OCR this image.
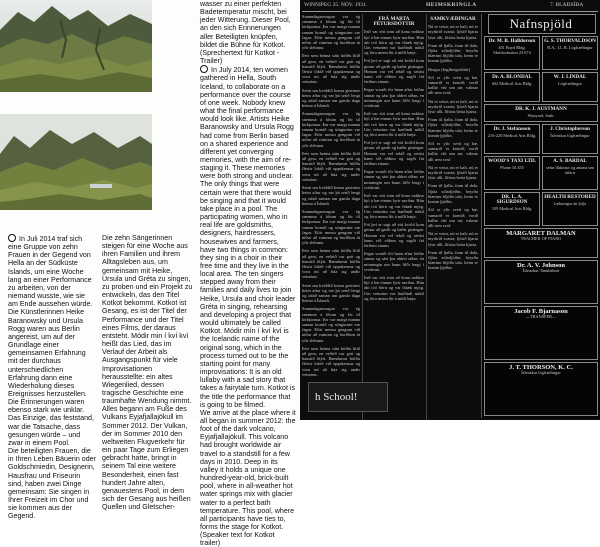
In Juli 2014 traf sich eine Gruppe von zehn Frauen in der Gegend von Hella an der Südküste Islands, um eine Woche lang an einer Performance zu arbeiten, von der niemand wusste, wie sie am Ende aussehen würde. Die Künstlerinnen Heike Baranowsky und Ursula Rogg waren aus Berlin angereist, um auf der Grundlage einer gemeinsamen Erfahrung mit der durchaus unterschiedlichen Erfahrung dann eine Wiederholung dieses Ereignisses herzustellen. Die Erinnerungen waren ebenso stark wie unklar. Das Einzige, das feststand, war die Tatsache, dass gesungen würde – und zwar in einem Pool.

Die beteiligten Frauen, die in Ihren Leben Bäuerin oder Goldschmiedin, Designerin, Hausfrau und Friseurin sind, haben zwei Dinge gemeinsam: Sie singen in Ihrer Freizeit im Chor und sie kommen aus der Gegend.

Die zehn Sängerinnen steigen für eine Woche aus ihren Familien und ihrem Alltagsleben aus, um gemeinsam mit Heike, Ursula und Gréta zu singen, zu proben und ein Projekt zu entwickeln, das den Titel Kotkot bekommt. Kotkot ist Gesang, es ist der Titel der Performance und der Titel eines Films, der daraus entsteht. Módir min í kví kví heißt das Lied, das im Verlauf der Arbeit als Ausgangspunkt für viele Improvisationen herausstellte: ein altes Wiegenlied, dessen tragische Geschichte eine traumhafte Wendung nimmt. Alles begann am Fuße des Vulkans Eyjafjallajökull im Sommer 2012. Der Vulkan, der im Sommer 2010 den weltweiten Flugverkehr für ein paar Tage zum Erliegen gebracht hatte, bringt in seinem Tal eine weitere Besonderheit, einen fast hundert Jahre alten, genauestens Pool, in dem sich der Gesang aus heißen Quellen und Gletscher-

wasser zu einer perfekten Badetemperatur mischt, bei jeder Witterung. Dieser Pool, an den sich Erinnerungen aller Beteiligten knüpfen, bildet die Bühne für Kotkot.

(Sprechertext für Kotkot -Trailer)

In July 2014, ten women gathered in Hella, South Iceland, to collaborate on a performance over the course of one week. Nobody knew what the final performance would look like. Artists Heike Baranowsky and Ursula Rogg had come from Berlin based on a shared experience and different yet converging memories, with the aim of re-staging it. These memories were both strong and unclear. The only things that were certain were that there would be singing and that it would take place in a pool. The participating women, who in real life are goldsmiths, designers, hairdressers, housewives and farmers, have two things in common: they sing in a choir in their free time and they live in the local area. The ten singers stepped away from their families and daily lives to join Heike, Ursula and choir leader Gréta in singing, rehearsing and developing a project that would ultimately be called Kotkot. Módir mín í kví kví is the Icelandic name of the original song, which in the process turned out to be the starting point for many improvisations: It is an old lullaby with a sad story that takes a fairytale turn. Kotkot is the title the performance that is going to be filmed.

We arrive at the place where it all began in summer 2012: the foot of the dark volcano, Eyjafjallajökull. This volcano had brought worldwide air travel to a standstill for a few days in 2010. Deep in its valley it holds a unique one hundred-year-old, brick-built pool, where in all-weather hot water springs mix with glacier water to a perfect bath temperature. This pool, where all participants have ties to, forms the stage for Kotkot.

(Speaker text for Kotkot trailer)

WINNIPEG 25. NOV. 1931.	HEIMSKRINGLA	7. BLAÐSÍÐA

Sunnudagsmorgun var ég snemma á fótum og fór til kirkjunnar. Þar var margt manna saman komið og söngurinn var fagur. Eftir messu gengum við niður að vatninu og horfðum út yfir sléttuna.

Þeir sem heima sátu höfðu lítið að gera, en veðrið var gott og haustið hlýtt. Bændurnir höfðu flestir lokið við uppskeruna og voru nú að búa sig undir veturinn.

Seint um kvöldið komu gestirnir heim aftur og var þá setið lengi og talað saman um gamla daga heima á Íslandi.

Sunnudagsmorgun var ég snemma á fótum og fór til kirkjunnar. Þar var margt manna saman komið og söngurinn var fagur. Eftir messu gengum við niður að vatninu og horfðum út yfir sléttuna.

Þeir sem heima sátu höfðu lítið að gera, en veðrið var gott og haustið hlýtt. Bændurnir höfðu flestir lokið við uppskeruna og voru nú að búa sig undir veturinn.

Seint um kvöldið komu gestirnir heim aftur og var þá setið lengi og talað saman um gamla daga heima á Íslandi.

Sunnudagsmorgun var ég snemma á fótum og fór til kirkjunnar. Þar var margt manna saman komið og söngurinn var fagur. Eftir messu gengum við niður að vatninu og horfðum út yfir sléttuna.

Þeir sem heima sátu höfðu lítið að gera, en veðrið var gott og haustið hlýtt. Bændurnir höfðu flestir lokið við uppskeruna og voru nú að búa sig undir veturinn.

Seint um kvöldið komu gestirnir heim aftur og var þá setið lengi og talað saman um gamla daga heima á Íslandi.

Sunnudagsmorgun var ég snemma á fótum og fór til kirkjunnar. Þar var margt manna saman komið og söngurinn var fagur. Eftir messu gengum við niður að vatninu og horfðum út yfir sléttuna.

Þeir sem heima sátu höfðu lítið að gera, en veðrið var gott og haustið hlýtt. Bændurnir höfðu flestir lokið við uppskeruna og voru nú að búa sig undir veturinn.

h School!
FRÁ MARTA PÉTURSDÓTTIR

Það var eitt sinn að kona nokkur bjó á bæ einum fyrir norðan. Hún átti tvö börn og var fátæk mjög. Um veturinn var harðindi mikil og fóru menn lítt á milli bæja.

Frá því er sagt að eitt kvöld kom gestur að garði og baðst gistingar. Honum var vel tekið og settist hann við eldinn og sagði frá ferðum sínum.

Þegar voraði fór hann aftur leiðar sinnar og sást þar aldrei síðan, en minningin um hann lifði lengi í sveitinni.

Það var eitt sinn að kona nokkur bjó á bæ einum fyrir norðan. Hún átti tvö börn og var fátæk mjög. Um veturinn var harðindi mikil og fóru menn lítt á milli bæja.

Frá því er sagt að eitt kvöld kom gestur að garði og baðst gistingar. Honum var vel tekið og settist hann við eldinn og sagði frá ferðum sínum.

Þegar voraði fór hann aftur leiðar sinnar og sást þar aldrei síðan, en minningin um hann lifði lengi í sveitinni.

Það var eitt sinn að kona nokkur bjó á bæ einum fyrir norðan. Hún átti tvö börn og var fátæk mjög. Um veturinn var harðindi mikil og fóru menn lítt á milli bæja.

Frá því er sagt að eitt kvöld kom gestur að garði og baðst gistingar. Honum var vel tekið og settist hann við eldinn og sagði frá ferðum sínum.

Þegar voraði fór hann aftur leiðar sinnar og sást þar aldrei síðan, en minningin um hann lifði lengi í sveitinni.

Það var eitt sinn að kona nokkur bjó á bæ einum fyrir norðan. Hún átti tvö börn og var fátæk mjög. Um veturinn var harðindi mikil og fóru menn lítt á milli bæja.

SAMKVÆÐINGAR

Nú er vetur, nú er kalt, nú er myrkrið svarta; ljósið bjarta lýsir allt, lífsins heita hjarta.

Fram til fjalla, fram til dala, fljóta sólarljóðin; heyrðu blærinn hljóða tala, heim er komin þjóðin.

Bragur (Ingibergsdóttir)

Sól er yfir sveit og bæ, sumarið er komið; vorið kallar vítt um sæ, vaknar allt sem svaf.

Nú er vetur, nú er kalt, nú er myrkrið svarta; ljósið bjarta lýsir allt, lífsins heita hjarta.

Fram til fjalla, fram til dala, fljóta sólarljóðin; heyrðu blærinn hljóða tala, heim er komin þjóðin.

Sól er yfir sveit og bæ, sumarið er komið; vorið kallar vítt um sæ, vaknar allt sem svaf.

Nú er vetur, nú er kalt, nú er myrkrið svarta; ljósið bjarta lýsir allt, lífsins heita hjarta.

Fram til fjalla, fram til dala, fljóta sólarljóðin; heyrðu blærinn hljóða tala, heim er komin þjóðin.

Sól er yfir sveit og bæ, sumarið er komið; vorið kallar vítt um sæ, vaknar allt sem svaf.

Nú er vetur, nú er kalt, nú er myrkrið svarta; ljósið bjarta lýsir allt, lífsins heita hjarta.

Fram til fjalla, fram til dala, fljóta sólarljóðin; heyrðu blærinn hljóða tala, heim er komin þjóðin.

Nafnspjöld
Dr. M. B. Halldorson
401 Boyd Bldg. Skrifstofusími 23 674
G. S. THORVALDSON
B.A., LL.B. Lögfræðingur
Dr. A. BLONDAL
602 Medical Arts Bldg.
W. J. LINDAL
Lögfræðingur
DR. K. J. AUSTMANN
Wynyard, Sask.
Dr. J. Stefansson
216-220 Medical Arts Bldg.
J. Christopherson
Íslenzkur lögfræðingur
WOOD'S TAXI LTD.
Phone 34 455
A. S. BARDAL
selur líkkistur og annast um útfarir
DR. L. A. SIGURDSON
109 Medical Arts Bldg.
HEALTH RESTORED
Lækningar án lyfja
MARGARET DALMAN
TEACHER OF PIANO
Dr. A. V. Johnson
Íslenzkur Tannlæknir
Jacob F. Bjarnason
—TRANSFER—
J. T. THORSON, K. C.
Íslenzkur lögfræðingur
